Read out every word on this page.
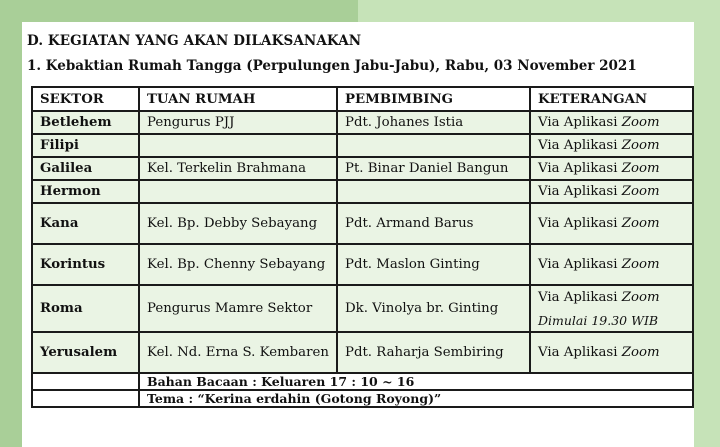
D. KEGIATAN YANG AKAN DILAKSANAKAN
1. Kebaktian Rumah Tangga (Perpulungen Jabu-Jabu), Rabu, 03 November 2021
SEKTOR	TUAN RUMAH	PEMBIMBING	KETERANGAN
Betlehem	Pengurus PJJ	Pdt. Johanes Istia	Via Aplikasi Zoom
Filipi			Via Aplikasi Zoom
Galilea	Kel. Terkelin Brahmana	Pt. Binar Daniel Bangun	Via Aplikasi Zoom
Hermon			Via Aplikasi Zoom
Kana	Kel. Bp. Debby Sebayang	Pdt. Armand Barus	Via Aplikasi Zoom
Korintus	Kel. Bp. Chenny Sebayang	Pdt. Maslon Ginting	Via Aplikasi Zoom
Roma	Pengurus Mamre Sektor	Dk. Vinolya br. Ginting	Via Aplikasi Zoom
Dimulai 19.30 WIB

Yerusalem	Kel. Nd. Erna S. Kembaren	Pdt. Raharja Sembiring	Via Aplikasi Zoom
	Bahan Bacaan : Keluaren 17 : 10 ~ 16		
	Tema : “Kerina erdahin (Gotong Royong)”		
